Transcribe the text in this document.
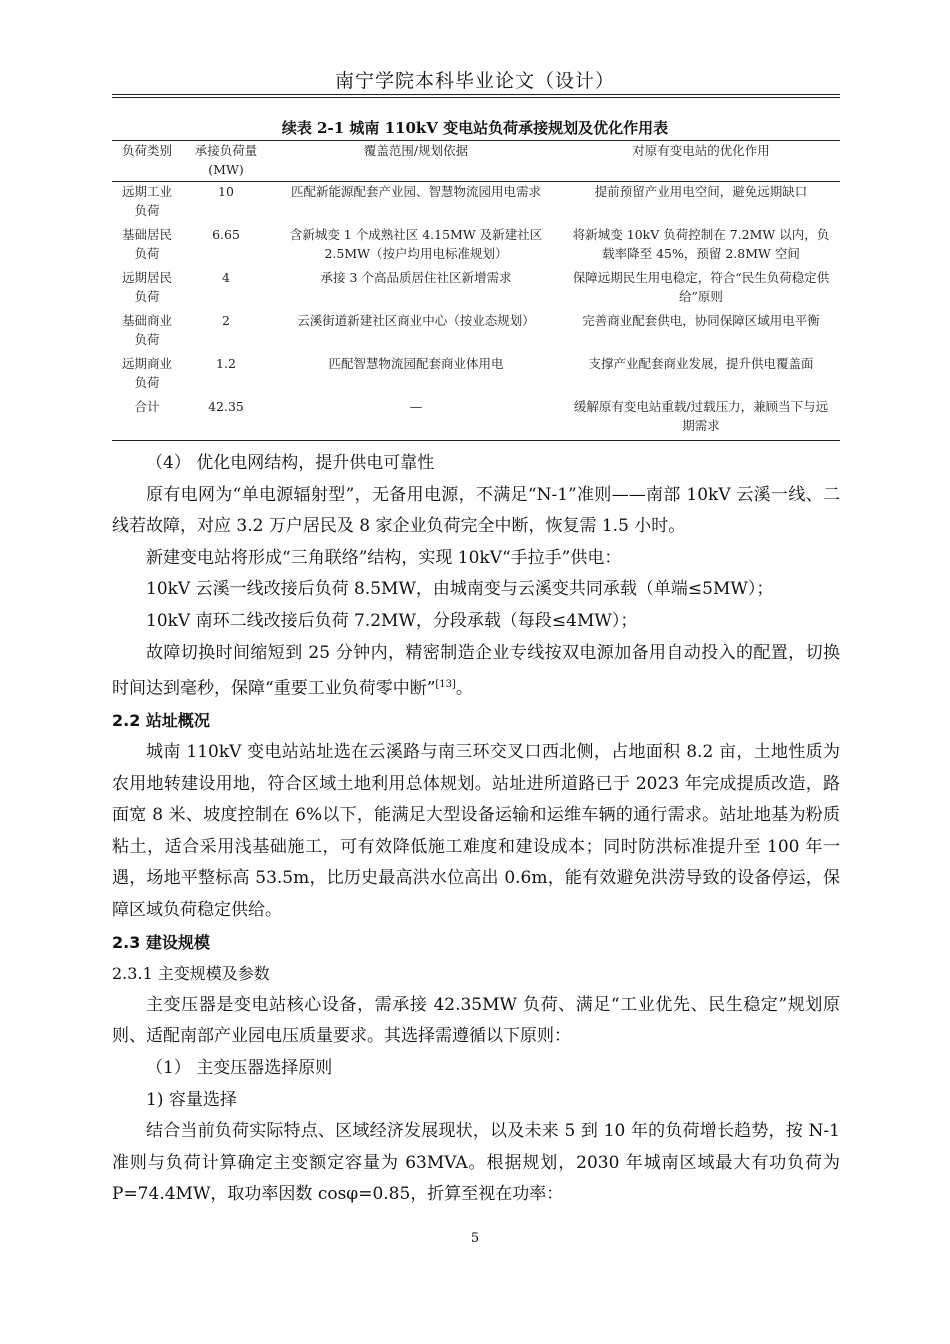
南宁学院本科毕业论文（设计）
续表 2-1 城南 110kV 变电站负荷承接规划及优化作用表
负荷类别	承接负荷量(MW)	覆盖范围/规划依据	对原有变电站的优化作用
远期工业负荷	10	匹配新能源配套产业园、智慧物流园用电需求	提前预留产业用电空间，避免远期缺口
基础居民负荷	6.65	含新城变 1 个成熟社区 4.15MW 及新建社区 2.5MW（按户均用电标准规划）	将新城变 10kV 负荷控制在 7.2MW 以内，负载率降至 45%，预留 2.8MW 空间
远期居民负荷	4	承接 3 个高品质居住社区新增需求	保障远期民生用电稳定，符合“民生负荷稳定供给”原则
基础商业负荷	2	云溪街道新建社区商业中心（按业态规划）	完善商业配套供电，协同保障区域用电平衡
远期商业负荷	1.2	匹配智慧物流园配套商业体用电	支撑产业配套商业发展，提升供电覆盖面
合计	42.35	—	缓解原有变电站重载/过载压力，兼顾当下与远期需求

（4） 优化电网结构，提升供电可靠性

原有电网为“单电源辐射型”，无备用电源，不满足“N-1”准则——南部 10kV 云溪一线、二线若故障，对应 3.2 万户居民及 8 家企业负荷完全中断，恢复需 1.5 小时。

新建变电站将形成“三角联络”结构，实现 10kV“手拉手”供电：

10kV 云溪一线改接后负荷 8.5MW，由城南变与云溪变共同承载（单端≤5MW）；

10kV 南环二线改接后负荷 7.2MW，分段承载（每段≤4MW）；

故障切换时间缩短到 25 分钟内，精密制造企业专线按双电源加备用自动投入的配置，切换时间达到毫秒，保障“重要工业负荷零中断”[13]。

2.2 站址概况

城南 110kV 变电站站址选在云溪路与南三环交叉口西北侧，占地面积 8.2 亩，土地性质为农用地转建设用地，符合区域土地利用总体规划。站址进所道路已于 2023 年完成提质改造，路面宽 8 米、坡度控制在 6%以下，能满足大型设备运输和运维车辆的通行需求。站址地基为粉质粘土，适合采用浅基础施工，可有效降低施工难度和建设成本；同时防洪标准提升至 100 年一遇，场地平整标高 53.5m，比历史最高洪水位高出 0.6m，能有效避免洪涝导致的设备停运，保障区域负荷稳定供给。

2.3 建设规模

2.3.1 主变规模及参数

主变压器是变电站核心设备，需承接 42.35MW 负荷、满足“工业优先、民生稳定”规划原则、适配南部产业园电压质量要求。其选择需遵循以下原则：

（1） 主变压器选择原则

1) 容量选择

结合当前负荷实际特点、区域经济发展现状，以及未来 5 到 10 年的负荷增长趋势，按 N-1 准则与负荷计算确定主变额定容量为 63MVA。根据规划，2030 年城南区域最大有功负荷为 P=74.4MW，取功率因数 cosφ=0.85，折算至视在功率：

5
